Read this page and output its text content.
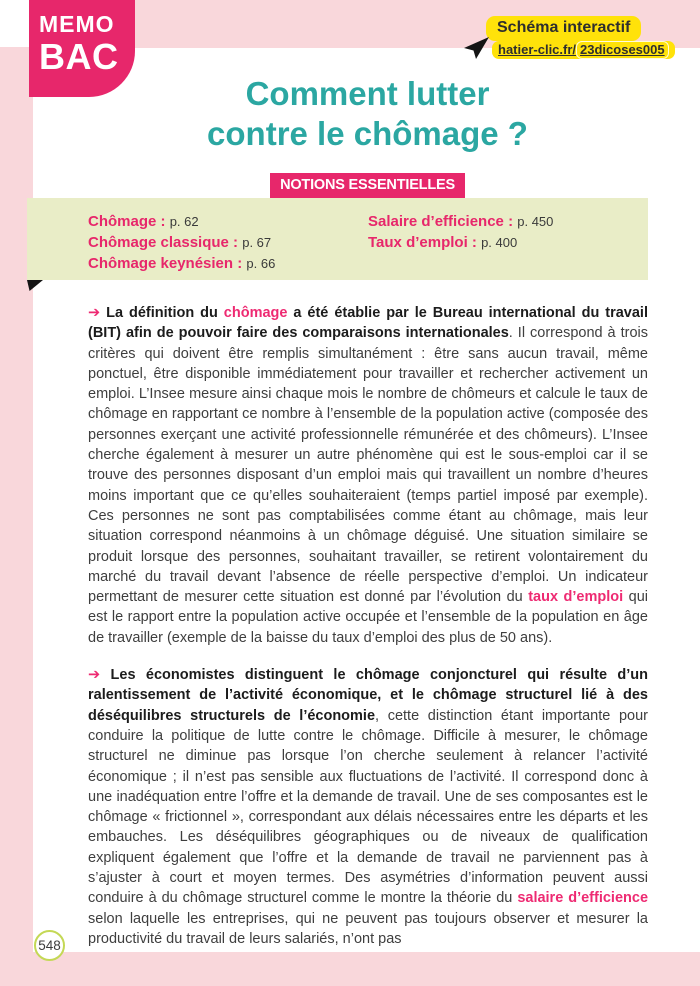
MEMO
BAC
Schéma interactif
hatier-clic.fr/ 23dicoses005
Comment lutter
contre le chômage ?
NOTIONS ESSENTIELLES
Chômage : p. 62
Chômage classique : p. 67
Chômage keynésien : p. 66
Salaire d’efficience : p. 450
Taux d’emploi : p. 400

➔ La définition du chômage a été établie par le Bureau international du travail (BIT) afin de pouvoir faire des comparaisons internationales. Il correspond à trois critères qui doivent être remplis simultanément : être sans aucun travail, même ponctuel, être disponible immédiatement pour travailler et rechercher activement un emploi. L’Insee mesure ainsi chaque mois le nombre de chômeurs et calcule le taux de chômage en rapportant ce nombre à l’ensemble de la population active (composée des personnes exerçant une activité professionnelle rémunérée et des chômeurs). L’Insee cherche également à mesurer un autre phénomène qui est le sous-emploi car il se trouve des personnes disposant d’un emploi mais qui travaillent un nombre d’heures moins important que ce qu’elles souhaiteraient (temps partiel imposé par exemple). Ces personnes ne sont pas comptabilisées comme étant au chômage, mais leur situation correspond néanmoins à un chômage déguisé. Une situation similaire se produit lorsque des personnes, souhaitant travailler, se retirent volontairement du marché du travail devant l’absence de réelle perspective d’emploi. Un indicateur permettant de mesurer cette situation est donné par l’évolution du taux d’emploi qui est le rapport entre la population active occupée et l’ensemble de la population en âge de travailler (exemple de la baisse du taux d’emploi des plus de 50 ans).

➔ Les économistes distinguent le chômage conjoncturel qui résulte d’un ralentissement de l’activité économique, et le chômage structurel lié à des déséquilibres structurels de l’économie, cette distinction étant importante pour conduire la politique de lutte contre le chômage. Difficile à mesurer, le chômage structurel ne diminue pas lorsque l’on cherche seulement à relancer l’activité économique ; il n’est pas sensible aux fluctuations de l’activité. Il correspond donc à une inadéquation entre l’offre et la demande de travail. Une de ses composantes est le chômage « frictionnel », correspondant aux délais nécessaires entre les départs et les embauches. Les déséquilibres géographiques ou de niveaux de qualification expliquent également que l’offre et la demande de travail ne parviennent pas à s’ajuster à court et moyen termes. Des asymétries d’information peuvent aussi conduire à du chômage structurel comme le montre la théorie du salaire d’efficience selon laquelle les entreprises, qui ne peuvent pas toujours observer et mesurer la productivité du travail de leurs salariés, n’ont pas

548
